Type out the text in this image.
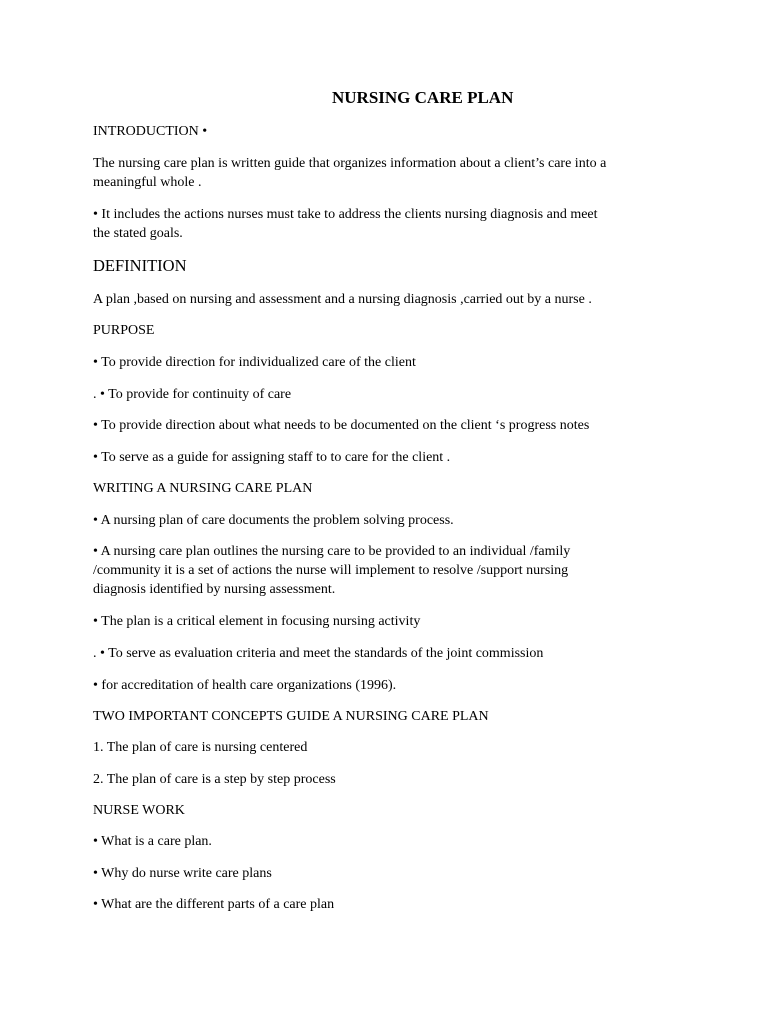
NURSING CARE PLAN
INTRODUCTION •
The nursing care plan is written guide that organizes information about a client’s care into a
meaningful whole .
• It includes the actions nurses must take to address the clients nursing diagnosis and meet
the stated goals.
DEFINITION
A plan ,based on nursing and assessment and a nursing diagnosis ,carried out by a nurse .
PURPOSE
• To provide direction for individualized care of the client
. • To provide for continuity of care
• To provide direction about what needs to be documented on the client ‘s progress notes
• To serve as a guide for assigning staff to to care for the client .
WRITING A NURSING CARE PLAN
• A nursing plan of care documents the problem solving process.
• A nursing care plan outlines the nursing care to be provided to an individual /family
/community it is a set of actions the nurse will implement to resolve /support nursing
diagnosis identified by nursing assessment.
• The plan is a critical element in focusing nursing activity
. • To serve as evaluation criteria and meet the standards of the joint commission
• for accreditation of health care organizations (1996).
TWO IMPORTANT CONCEPTS GUIDE A NURSING CARE PLAN
1. The plan of care is nursing centered
2. The plan of care is a step by step process
NURSE WORK
• What is a care plan.
• Why do nurse write care plans
• What are the different parts of a care plan
